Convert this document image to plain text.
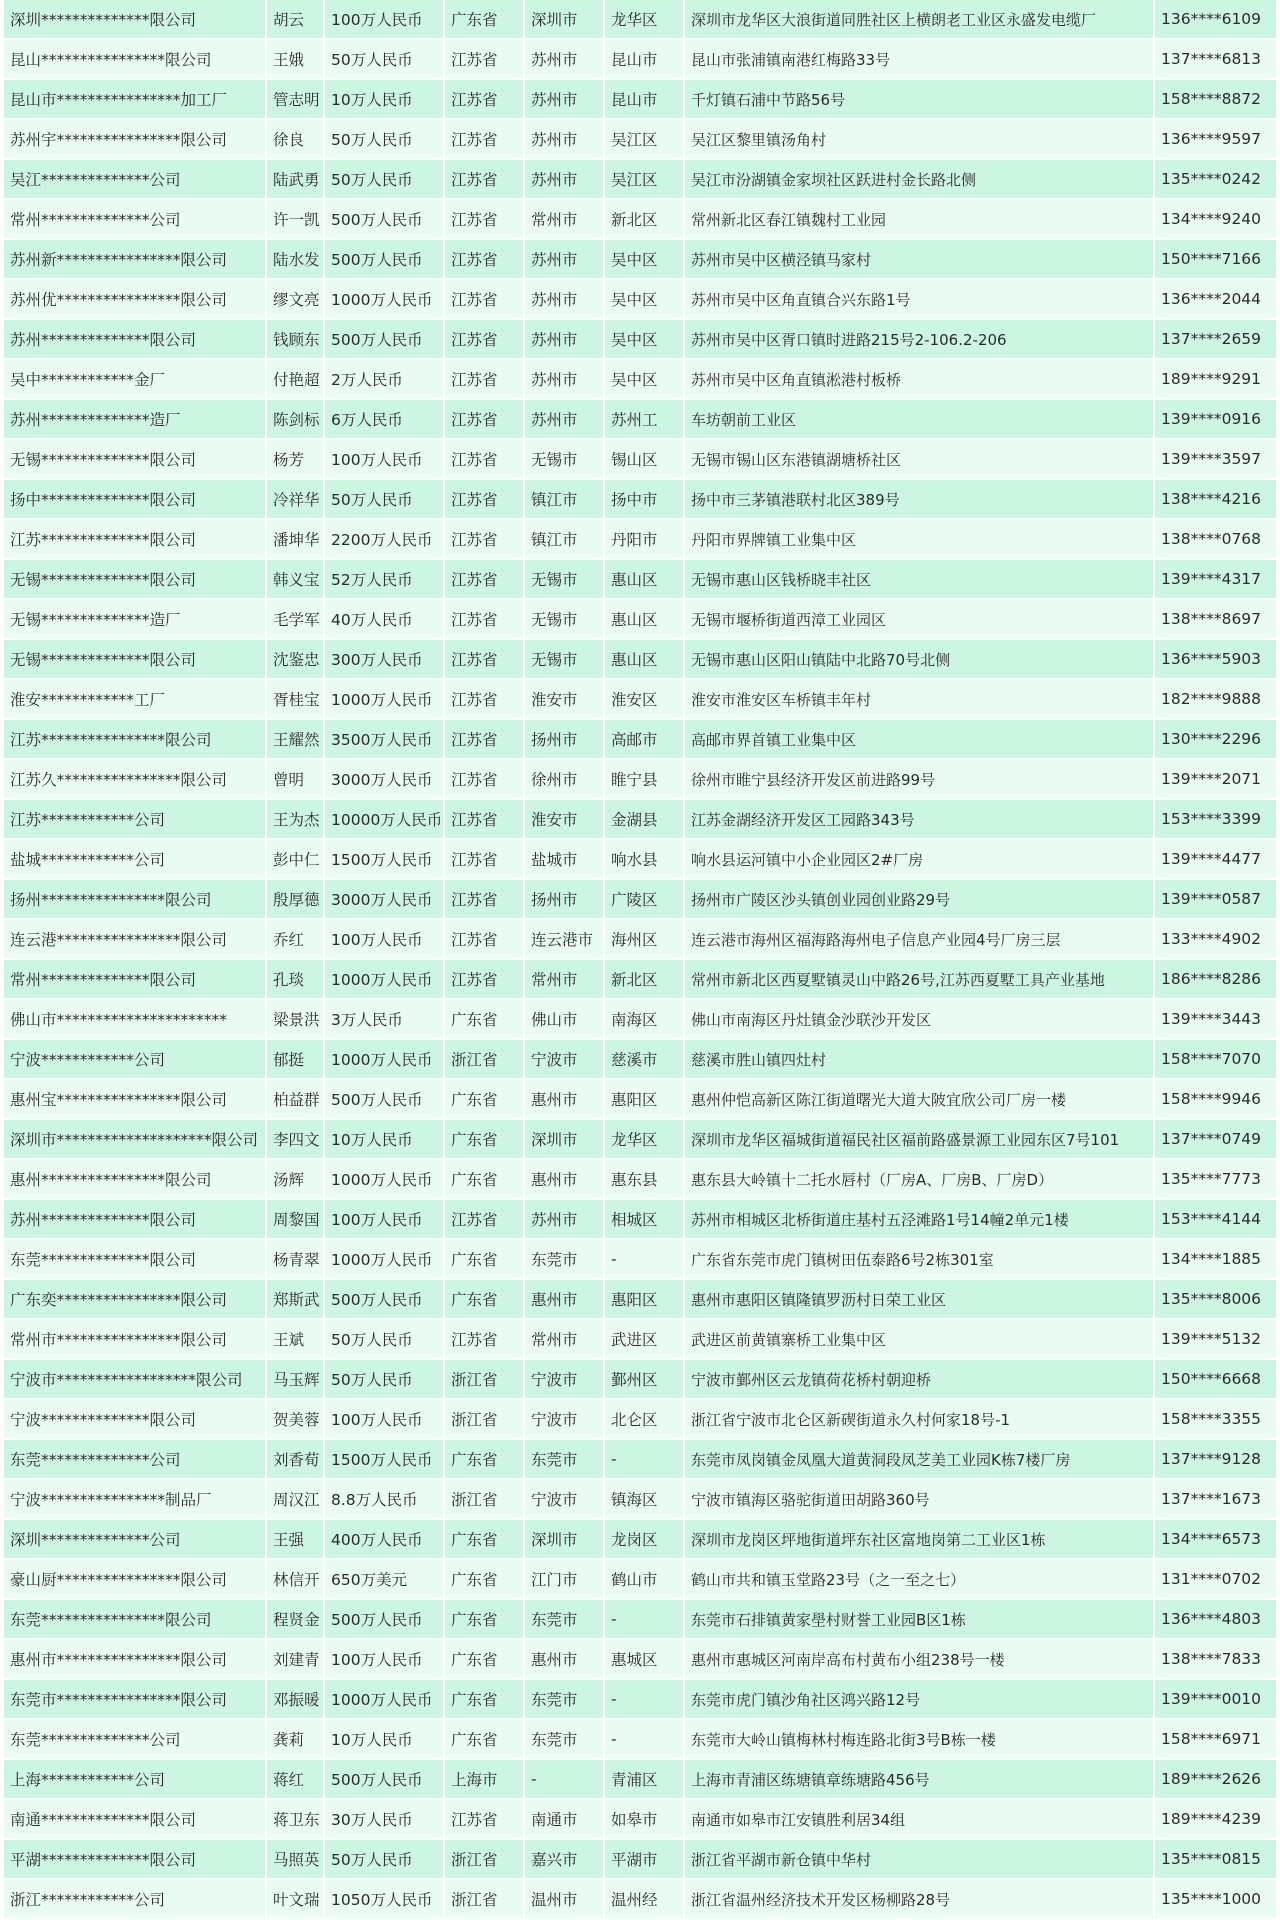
深圳**************限公司	胡云	100万人民币	广东省	深圳市	龙华区	深圳市龙华区大浪街道同胜社区上横朗老工业区永盛发电缆厂	136****6109
昆山****************限公司	王娥	50万人民币	江苏省	苏州市	昆山市	昆山市张浦镇南港红梅路33号	137****6813
昆山市****************加工厂	管志明	10万人民币	江苏省	苏州市	昆山市	千灯镇石浦中节路56号	158****8872
苏州宇****************限公司	徐良	50万人民币	江苏省	苏州市	吴江区	吴江区黎里镇汤角村	136****9597
吴江**************公司	陆武勇	50万人民币	江苏省	苏州市	吴江区	吴江市汾湖镇金家坝社区跃进村金长路北侧	135****0242
常州**************公司	许一凯	500万人民币	江苏省	常州市	新北区	常州新北区春江镇魏村工业园	134****9240
苏州新****************限公司	陆水发	500万人民币	江苏省	苏州市	吴中区	苏州市吴中区横泾镇马家村	150****7166
苏州优****************限公司	缪文亮	1000万人民币	江苏省	苏州市	吴中区	苏州市吴中区角直镇合兴东路1号	136****2044
苏州**************限公司	钱顾东	500万人民币	江苏省	苏州市	吴中区	苏州市吴中区胥口镇时进路215号2-106.2-206	137****2659
吴中************金厂	付艳超	2万人民币	江苏省	苏州市	吴中区	苏州市吴中区角直镇淞港村板桥	189****9291
苏州**************造厂	陈剑标	6万人民币	江苏省	苏州市	苏州工	车坊朝前工业区	139****0916
无锡**************限公司	杨芳	100万人民币	江苏省	无锡市	锡山区	无锡市锡山区东港镇湖塘桥社区	139****3597
扬中**************限公司	冷祥华	50万人民币	江苏省	镇江市	扬中市	扬中市三茅镇港联村北区389号	138****4216
江苏**************限公司	潘坤华	2200万人民币	江苏省	镇江市	丹阳市	丹阳市界牌镇工业集中区	138****0768
无锡**************限公司	韩义宝	52万人民币	江苏省	无锡市	惠山区	无锡市惠山区钱桥晓丰社区	139****4317
无锡**************造厂	毛学军	40万人民币	江苏省	无锡市	惠山区	无锡市堰桥街道西漳工业园区	138****8697
无锡**************限公司	沈鉴忠	300万人民币	江苏省	无锡市	惠山区	无锡市惠山区阳山镇陆中北路70号北侧	136****5903
淮安************工厂	胥桂宝	1000万人民币	江苏省	淮安市	淮安区	淮安市淮安区车桥镇丰年村	182****9888
江苏****************限公司	王耀然	3500万人民币	江苏省	扬州市	高邮市	高邮市界首镇工业集中区	130****2296
江苏久****************限公司	曾明	3000万人民币	江苏省	徐州市	睢宁县	徐州市睢宁县经济开发区前进路99号	139****2071
江苏************公司	王为杰	10000万人民币	江苏省	淮安市	金湖县	江苏金湖经济开发区工园路343号	153****3399
盐城************公司	彭中仁	1500万人民币	江苏省	盐城市	响水县	响水县运河镇中小企业园区2#厂房	139****4477
扬州****************限公司	殷厚德	3000万人民币	江苏省	扬州市	广陵区	扬州市广陵区沙头镇创业园创业路29号	139****0587
连云港****************限公司	乔红	100万人民币	江苏省	连云港市	海州区	连云港市海州区福海路海州电子信息产业园4号厂房三层	133****4902
常州**************限公司	孔琰	1000万人民币	江苏省	常州市	新北区	常州市新北区西夏墅镇灵山中路26号,江苏西夏墅工具产业基地	186****8286
佛山市**********************	梁景洪	3万人民币	广东省	佛山市	南海区	佛山市南海区丹灶镇金沙联沙开发区	139****3443
宁波************公司	郁挺	1000万人民币	浙江省	宁波市	慈溪市	慈溪市胜山镇四灶村	158****7070
惠州宝****************限公司	柏益群	500万人民币	广东省	惠州市	惠阳区	惠州仲恺高新区陈江街道曙光大道大陂宜欣公司厂房一楼	158****9946
深圳市********************限公司	李四文	10万人民币	广东省	深圳市	龙华区	深圳市龙华区福城街道福民社区福前路盛景源工业园东区7号101	137****0749
惠州****************限公司	汤辉	1000万人民币	广东省	惠州市	惠东县	惠东县大岭镇十二托水唇村（厂房A、厂房B、厂房D）	135****7773
苏州**************限公司	周黎国	100万人民币	江苏省	苏州市	相城区	苏州市相城区北桥街道庄基村五泾滩路1号14幢2单元1楼	153****4144
东莞**************限公司	杨青翠	1000万人民币	广东省	东莞市	-	广东省东莞市虎门镇树田伍泰路6号2栋301室	134****1885
广东奕****************限公司	郑斯武	500万人民币	广东省	惠州市	惠阳区	惠州市惠阳区镇隆镇罗沥村日荣工业区	135****8006
常州市****************限公司	王斌	50万人民币	江苏省	常州市	武进区	武进区前黄镇寨桥工业集中区	139****5132
宁波市******************限公司	马玉辉	50万人民币	浙江省	宁波市	鄞州区	宁波市鄞州区云龙镇荷花桥村朝迎桥	150****6668
宁波**************限公司	贺美蓉	100万人民币	浙江省	宁波市	北仑区	浙江省宁波市北仑区新碶街道永久村何家18号-1	158****3355
东莞**************公司	刘香荀	1500万人民币	广东省	东莞市	-	东莞市凤岗镇金凤凰大道黄洞段凤芝美工业园K栋7楼厂房	137****9128
宁波****************制品厂	周汉江	8.8万人民币	浙江省	宁波市	镇海区	宁波市镇海区骆驼街道田胡路360号	137****1673
深圳**************公司	王强	400万人民币	广东省	深圳市	龙岗区	深圳市龙岗区坪地街道坪东社区富地岗第二工业区1栋	134****6573
豪山厨****************限公司	林信开	650万美元	广东省	江门市	鹤山市	鹤山市共和镇玉堂路23号（之一至之七）	131****0702
东莞****************限公司	程贤金	500万人民币	广东省	东莞市	-	东莞市石排镇黄家壆村财誉工业园B区1栋	136****4803
惠州市****************限公司	刘建青	100万人民币	广东省	惠州市	惠城区	惠州市惠城区河南岸高布村黄布小组238号一楼	138****7833
东莞市****************限公司	邓振暖	1000万人民币	广东省	东莞市	-	东莞市虎门镇沙角社区鸿兴路12号	139****0010
东莞**************公司	龚莉	10万人民币	广东省	东莞市	-	东莞市大岭山镇梅林村梅连路北街3号B栋一楼	158****6971
上海************公司	蒋红	500万人民币	上海市	-	青浦区	上海市青浦区练塘镇章练塘路456号	189****2626
南通**************限公司	蒋卫东	30万人民币	江苏省	南通市	如皋市	南通市如皋市江安镇胜利居34组	189****4239
平湖**************限公司	马照英	50万人民币	浙江省	嘉兴市	平湖市	浙江省平湖市新仓镇中华村	135****0815
浙江************公司	叶文瑞	1050万人民币	浙江省	温州市	温州经	浙江省温州经济技术开发区杨柳路28号	135****1000
